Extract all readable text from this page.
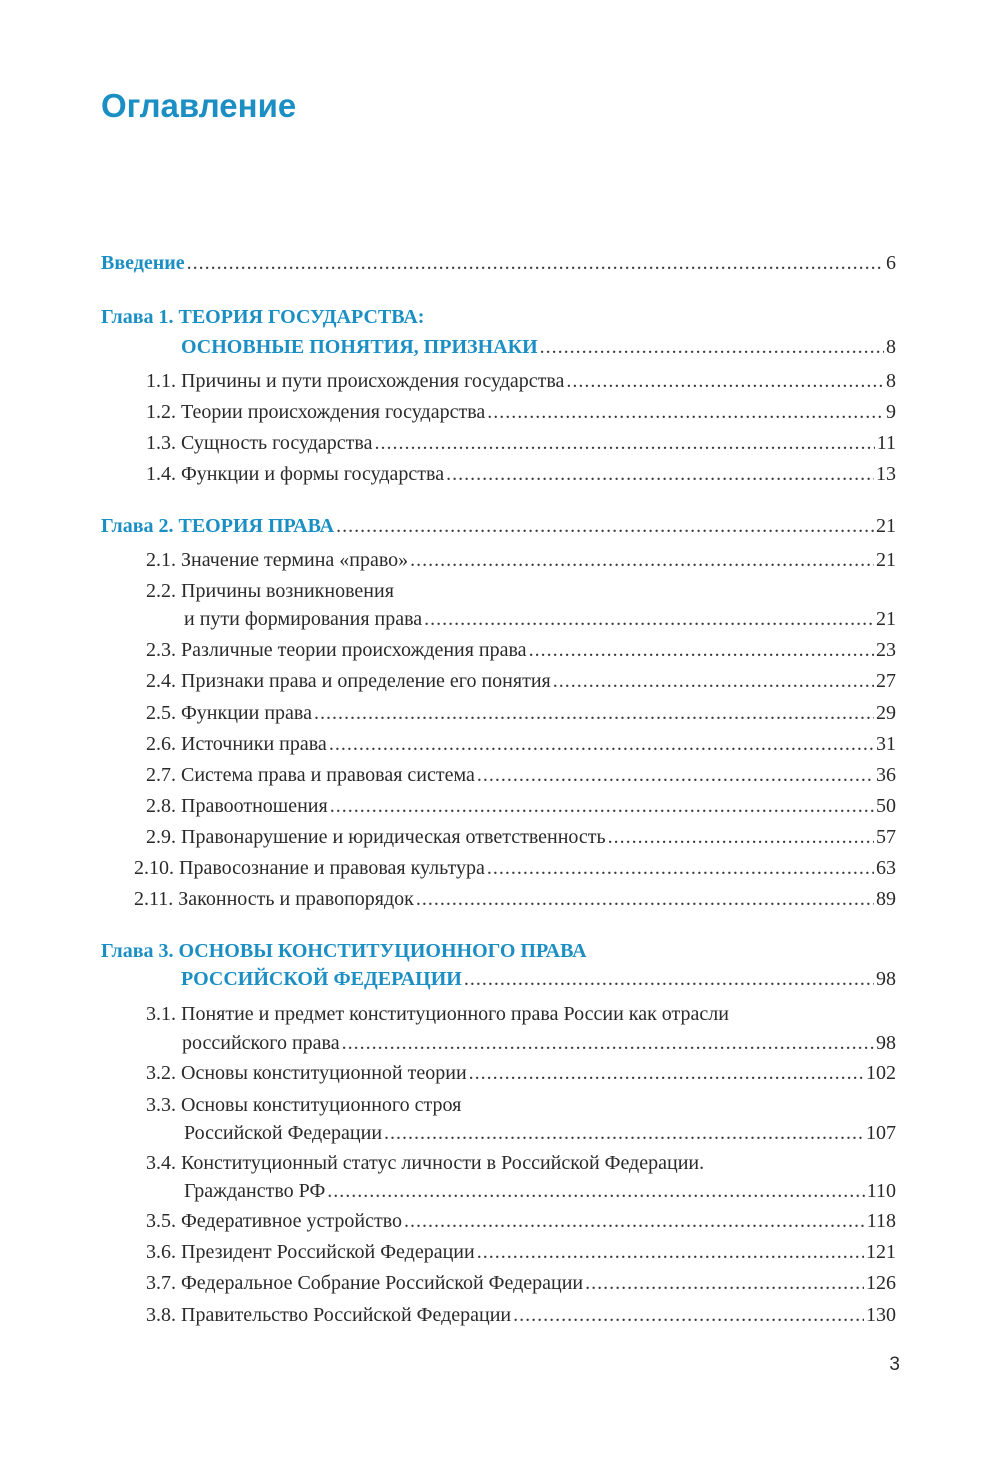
Оглавление
Введение .....	6
Глава 1. ТЕОРИЯ ГОСУДАРСТВА:
ОСНОВНЫЕ ПОНЯТИЯ, ПРИЗНАКИ .....	8
1.1. Причины и пути происхождения государства .....	8
1.2. Теории происхождения государства .....	9
1.3. Сущность государства .....	11
1.4. Функции и формы государства .....	13
Глава 2. ТЕОРИЯ ПРАВА .....	21
2.1. Значение термина «право» .....	21
2.2. Причины возникновения
и пути формирования права .....	21
2.3. Различные теории происхождения права .....	23
2.4. Признаки права и определение его понятия .....	27
2.5. Функции права .....	29
2.6. Источники права .....	31
2.7. Система права и правовая система .....	36
2.8. Правоотношения .....	50
2.9. Правонарушение и юридическая ответственность .....	57
2.10. Правосознание и правовая культура .....	63
2.11. Законность и правопорядок .....	89
Глава 3. ОСНОВЫ КОНСТИТУЦИОННОГО ПРАВА
РОССИЙСКОЙ ФЕДЕРАЦИИ .....	98
3.1. Понятие и предмет конституционного права России как отрасли
российского права .....	98
3.2. Основы конституционной теории .....	102
3.3. Основы конституционного строя
Российской Федерации .....	107
3.4. Конституционный статус личности в Российской Федерации.
Гражданство РФ .....	110
3.5. Федеративное устройство .....	118
3.6. Президент Российской Федерации .....	121
3.7. Федеральное Собрание Российской Федерации .....	126
3.8. Правительство Российской Федерации .....	130
3
